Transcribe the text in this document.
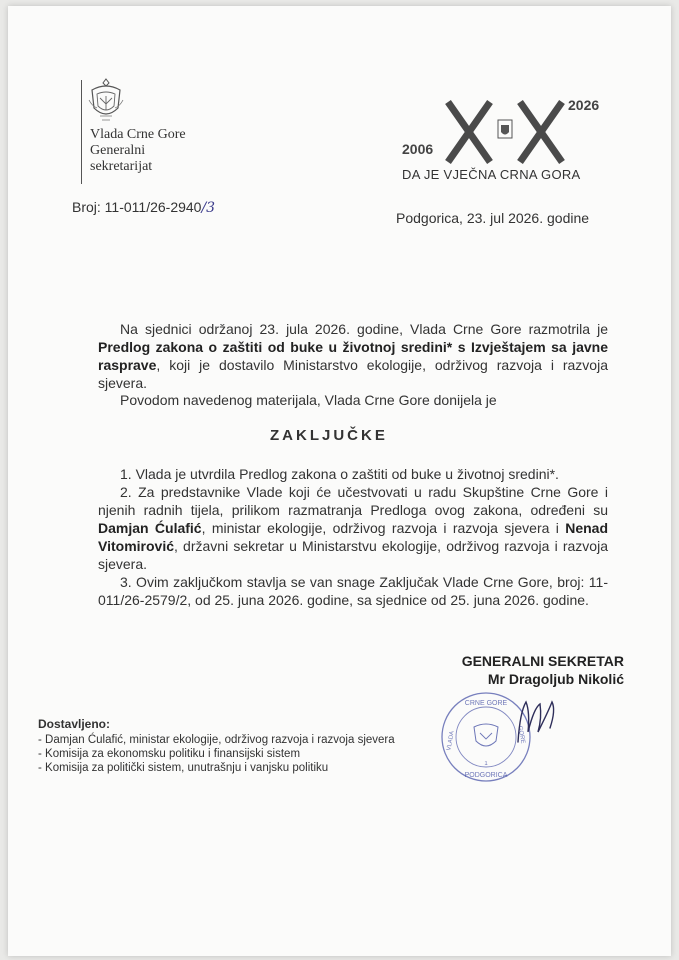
Vlada Crne Gore
Generalni
sekretarijat
2006
2026
DA JE VJEČNA CRNA GORA
Broj: 11-011/26-2940/3
Podgorica, 23. jul 2026. godine
Na sjednici održanoj 23. jula 2026. godine, Vlada Crne Gore razmotrila je Predlog zakona o zaštiti od buke u životnoj sredini* s Izvještajem sa javne rasprave, koji je dostavilo Ministarstvo ekologije, održivog razvoja i razvoja sjevera.
Povodom navedenog materijala, Vlada Crne Gore donijela je
ZAKLJUČKE

1. Vlada je utvrdila Predlog zakona o zaštiti od buke u životnoj sredini*.

2. Za predstavnike Vlade koji će učestvovati u radu Skupštine Crne Gore i njenih radnih tijela, prilikom razmatranja Predloga ovog zakona, određeni su Damjan Ćulafić, ministar ekologije, održivog razvoja i razvoja sjevera i Nenad Vitomirović, državni sekretar u Ministarstvu ekologije, održivog razvoja i razvoja sjevera.

3. Ovim zaključkom stavlja se van snage Zaključak Vlade Crne Gore, broj: 11-011/26-2579/2, od 25. juna 2026. godine, sa sjednice od 25. juna 2026. godine.

GENERALNI SEKRETAR
Mr Dragoljub Nikolić
CRNE GORE
VLADA	GORE
1
PODGORICA
Dostavljeno:
- Damjan Ćulafić, ministar ekologije, održivog razvoja i razvoja sjevera
- Komisija za ekonomsku politiku i finansijski sistem
- Komisija za politički sistem, unutrašnju i vanjsku politiku
